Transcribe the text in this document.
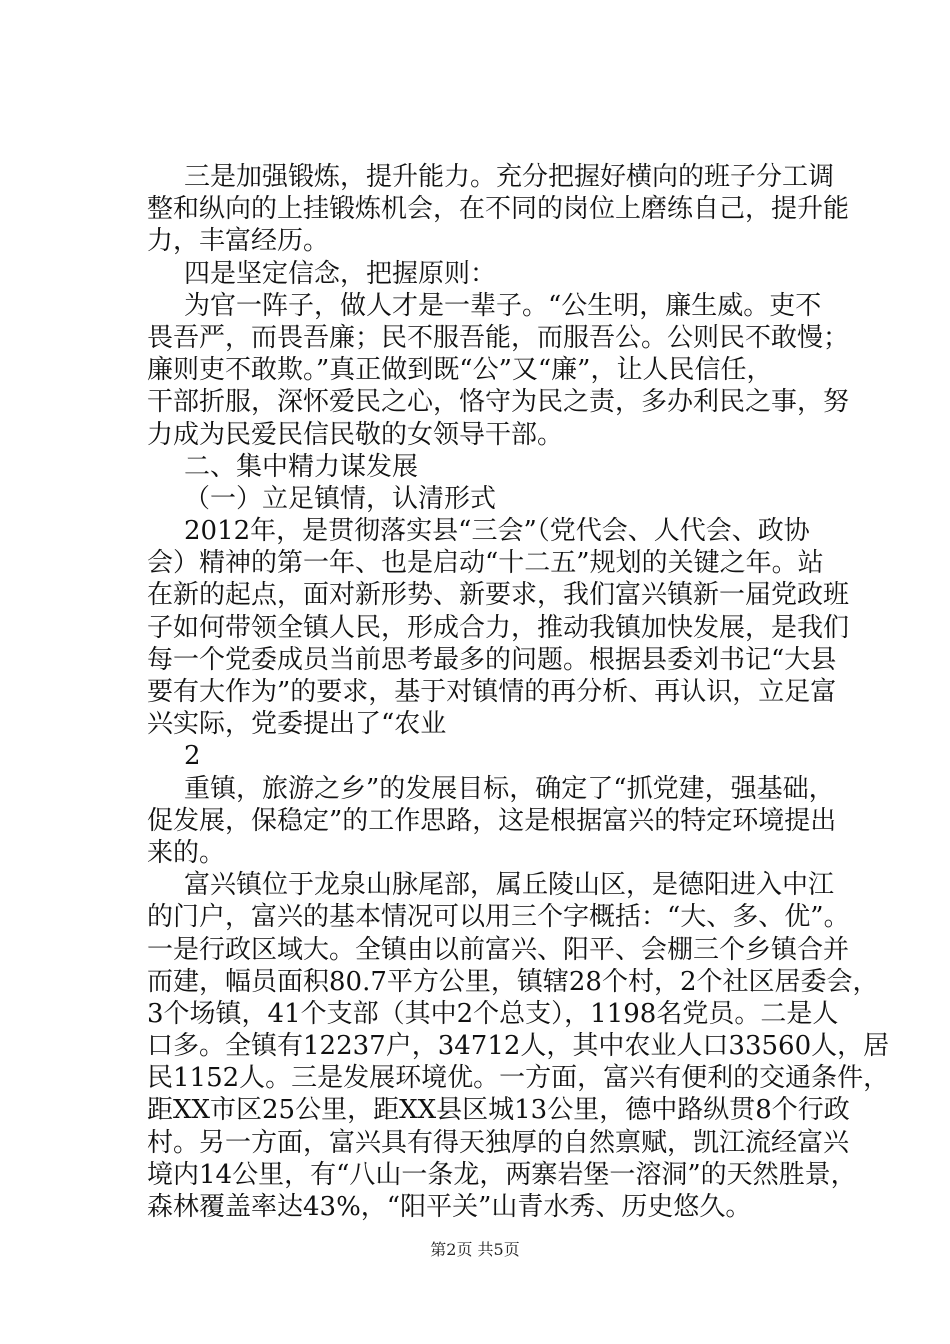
三是加强锻炼，提升能力。充分把握好横向的班子分工调
整和纵向的上挂锻炼机会，在不同的岗位上磨练自己，提升能
力，丰富经历。
四是坚定信念，把握原则：
为官一阵子，做人才是一辈子。“公生明，廉生威。吏不
畏吾严，而畏吾廉；民不服吾能，而服吾公。公则民不敢慢；
廉则吏不敢欺。”真正做到既“公”又“廉”，让人民信任，
干部折服，深怀爱民之心，恪守为民之责，多办利民之事，努
力成为民爱民信民敬的女领导干部。
二、集中精力谋发展
（一）立足镇情，认清形式
2012年，是贯彻落实县“三会”（党代会、人代会、政协
会）精神的第一年、也是启动“十二五”规划的关键之年。站
在新的起点，面对新形势、新要求，我们富兴镇新一届党政班
子如何带领全镇人民，形成合力，推动我镇加快发展，是我们
每一个党委成员当前思考最多的问题。根据县委刘书记“大县
要有大作为”的要求，基于对镇情的再分析、再认识，立足富
兴实际，党委提出了“农业
2
重镇，旅游之乡”的发展目标，确定了“抓党建，强基础，
促发展，保稳定”的工作思路，这是根据富兴的特定环境提出
来的。
富兴镇位于龙泉山脉尾部，属丘陵山区，是德阳进入中江
的门户，富兴的基本情况可以用三个字概括：“大、多、优”。
一是行政区域大。全镇由以前富兴、阳平、会棚三个乡镇合并
而建，幅员面积80.7平方公里，镇辖28个村，2个社区居委会，
3个场镇，41个支部（其中2个总支），1198名党员。二是人
口多。全镇有12237户，34712人，其中农业人口33560人，居
民1152人。三是发展环境优。一方面，富兴有便利的交通条件，
距XX市区25公里，距XX县区城13公里，德中路纵贯8个行政
村。另一方面，富兴具有得天独厚的自然禀赋，凯江流经富兴
境内14公里，有“八山一条龙，两寨岩堡一溶洞”的天然胜景，
森林覆盖率达43%，“阳平关”山青水秀、历史悠久。
第2页 共5页
